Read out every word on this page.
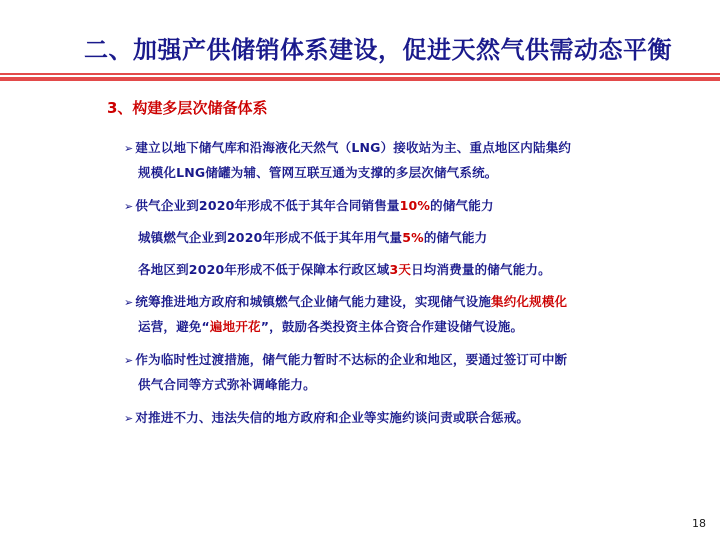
二、加强产供储销体系建设，促进天然气供需动态平衡
3、构建多层次储备体系
➢ 建立以地下储气库和沿海液化天然气（LNG）接收站为主、重点地区内陆集约
规模化LNG储罐为辅、管网互联互通为支撑的多层次储气系统。
➢ 供气企业到2020年形成不低于其年合同销售量10%的储气能力
城镇燃气企业到2020年形成不低于其年用气量5%的储气能力
各地区到2020年形成不低于保障本行政区域3天日均消费量的储气能力。
➢ 统筹推进地方政府和城镇燃气企业储气能力建设，实现储气设施集约化规模化
运营，避免“遍地开花”，鼓励各类投资主体合资合作建设储气设施。
➢ 作为临时性过渡措施，储气能力暂时不达标的企业和地区，要通过签订可中断
供气合同等方式弥补调峰能力。
➢ 对推进不力、违法失信的地方政府和企业等实施约谈问责或联合惩戒。
18
